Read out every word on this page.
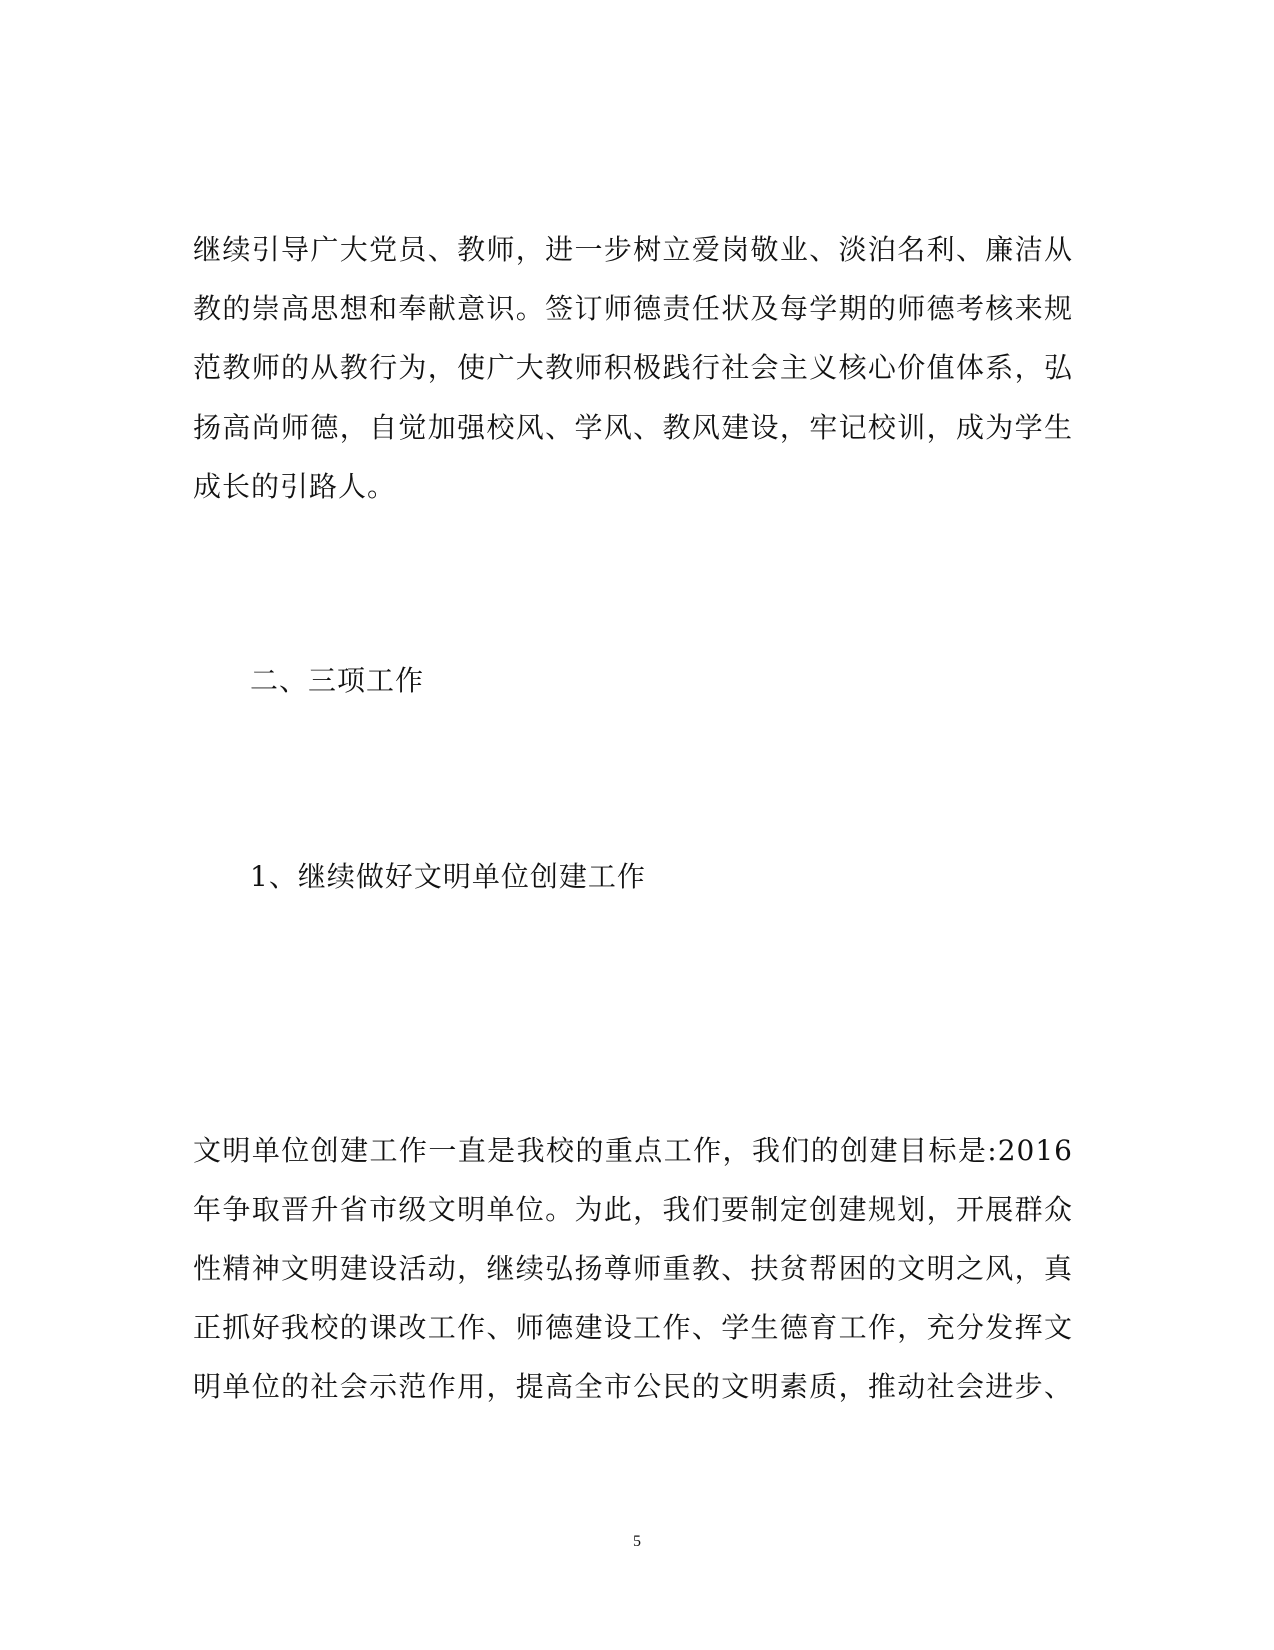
继续引导广大党员、教师，进一步树立爱岗敬业、淡泊名利、廉洁从
教的崇高思想和奉献意识。签订师德责任状及每学期的师德考核来规
范教师的从教行为，使广大教师积极践行社会主义核心价值体系，弘
扬高尚师德，自觉加强校风、学风、教风建设，牢记校训，成为学生
成长的引路人。
二、三项工作
1、继续做好文明单位创建工作
文明单位创建工作一直是我校的重点工作，我们的创建目标是:2016
年争取晋升省市级文明单位。为此，我们要制定创建规划，开展群众
性精神文明建设活动，继续弘扬尊师重教、扶贫帮困的文明之风，真
正抓好我校的课改工作、师德建设工作、学生德育工作，充分发挥文
明单位的社会示范作用，提高全市公民的文明素质，推动社会进步、
5
